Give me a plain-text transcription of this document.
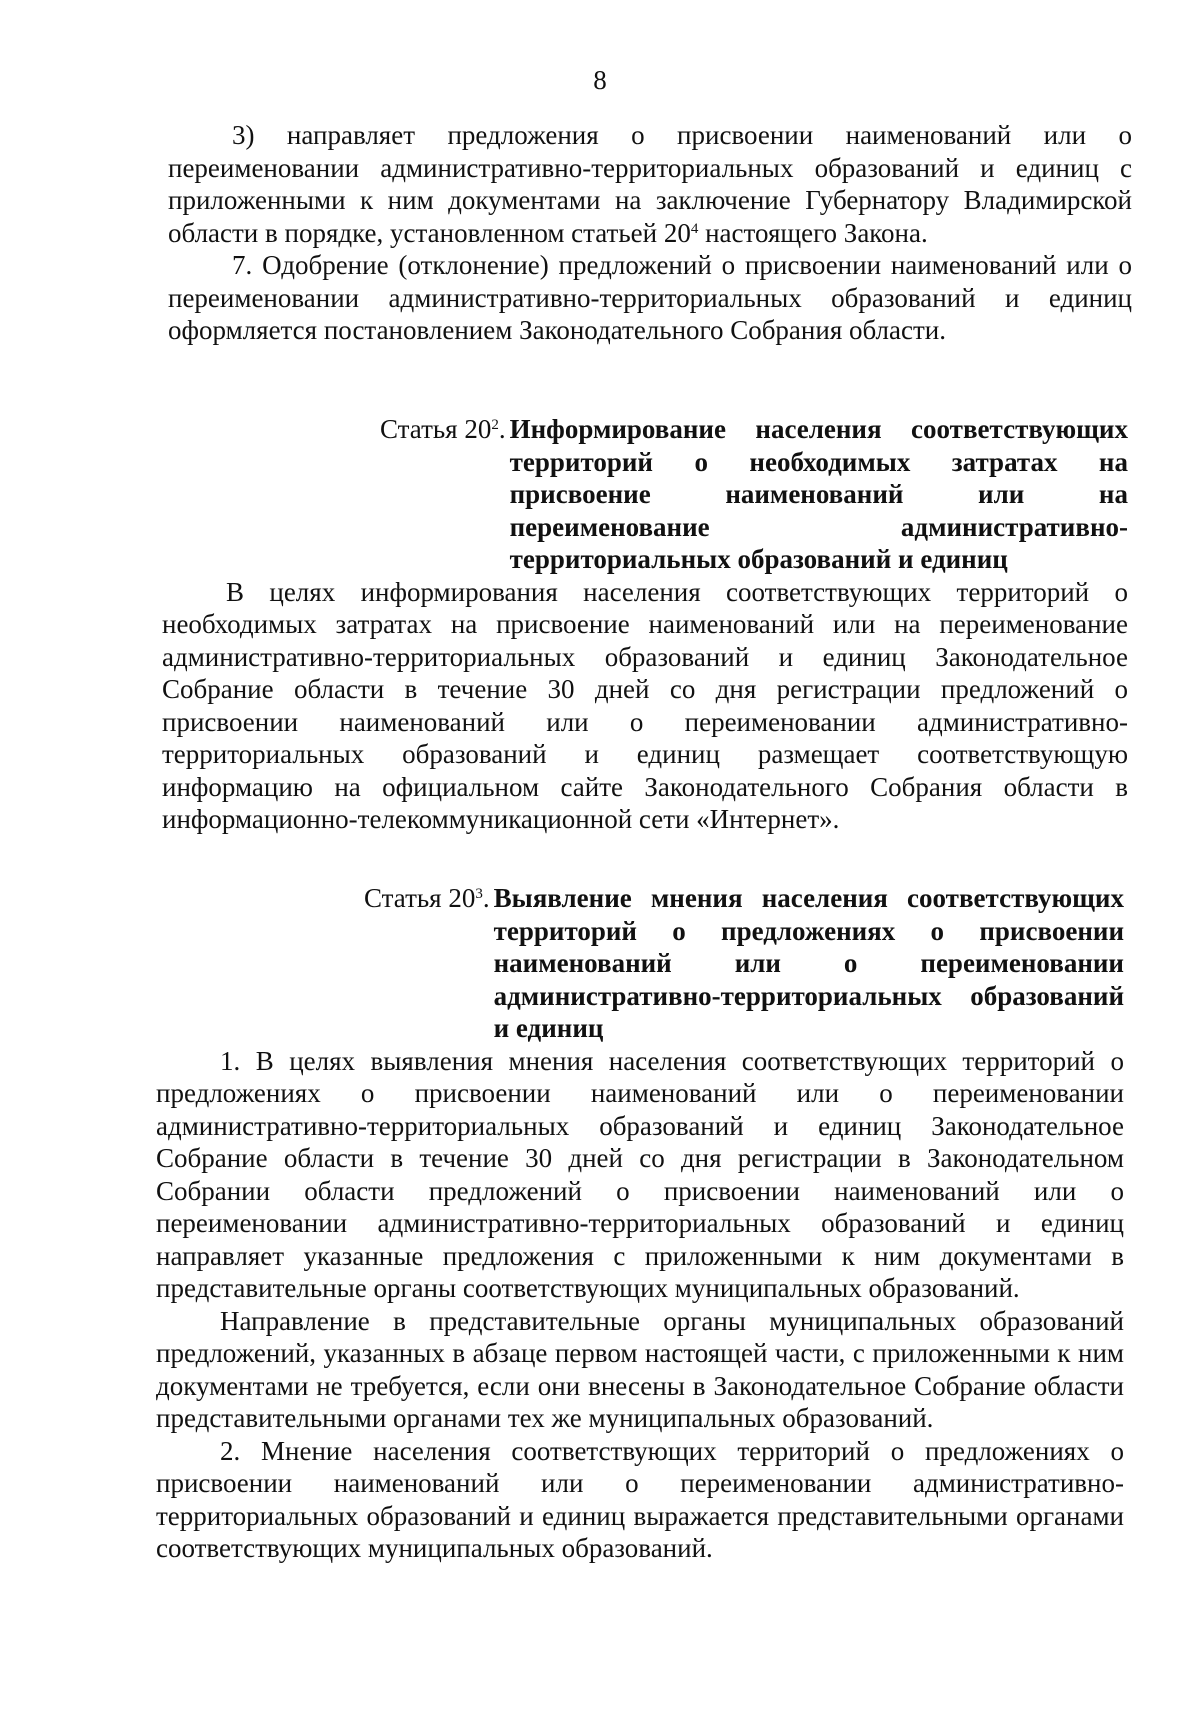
8

3) направляет предложения о присвоении наименований или о переименовании административно-территориальных образований и единиц с приложенными к ним документами на заключение Губернатору Владимирской области в порядке, установленном статьей $20^4$ настоящего Закона.

7. Одобрение (отклонение) предложений о присвоении наименований или о переименовании административно-территориальных образований и единиц оформляется постановлением Законодательного Собрания области.

Статья $20^2$. Информирование населения соответствующих территорий о необходимых затратах на присвоение наименований или на переименование административно-территориальных образований и единиц

В целях информирования населения соответствующих территорий о необходимых затратах на присвоение наименований или на переименование административно-территориальных образований и единиц Законодательное Собрание области в течение 30 дней со дня регистрации предложений о присвоении наименований или о переименовании административно-территориальных образований и единиц размещает соответствующую информацию на официальном сайте Законодательного Собрания области в информационно-телекоммуникационной сети «Интернет».

Статья $20^3$. Выявление мнения населения соответствующих территорий о предложениях о присвоении наименований или о переименовании административно-территориальных образований и единиц

1. В целях выявления мнения населения соответствующих территорий о предложениях о присвоении наименований или о переименовании административно-территориальных образований и единиц Законодательное Собрание области в течение 30 дней со дня регистрации в Законодательном Собрании области предложений о присвоении наименований или о переименовании административно-территориальных образований и единиц направляет указанные предложения с приложенными к ним документами в представительные органы соответствующих муниципальных образований.

Направление в представительные органы муниципальных образований предложений, указанных в абзаце первом настоящей части, с приложенными к ним документами не требуется, если они внесены в Законодательное Собрание области представительными органами тех же муниципальных образований.

2. Мнение населения соответствующих территорий о предложениях о присвоении наименований или о переименовании административно-территориальных образований и единиц выражается представительными органами соответствующих муниципальных образований.
